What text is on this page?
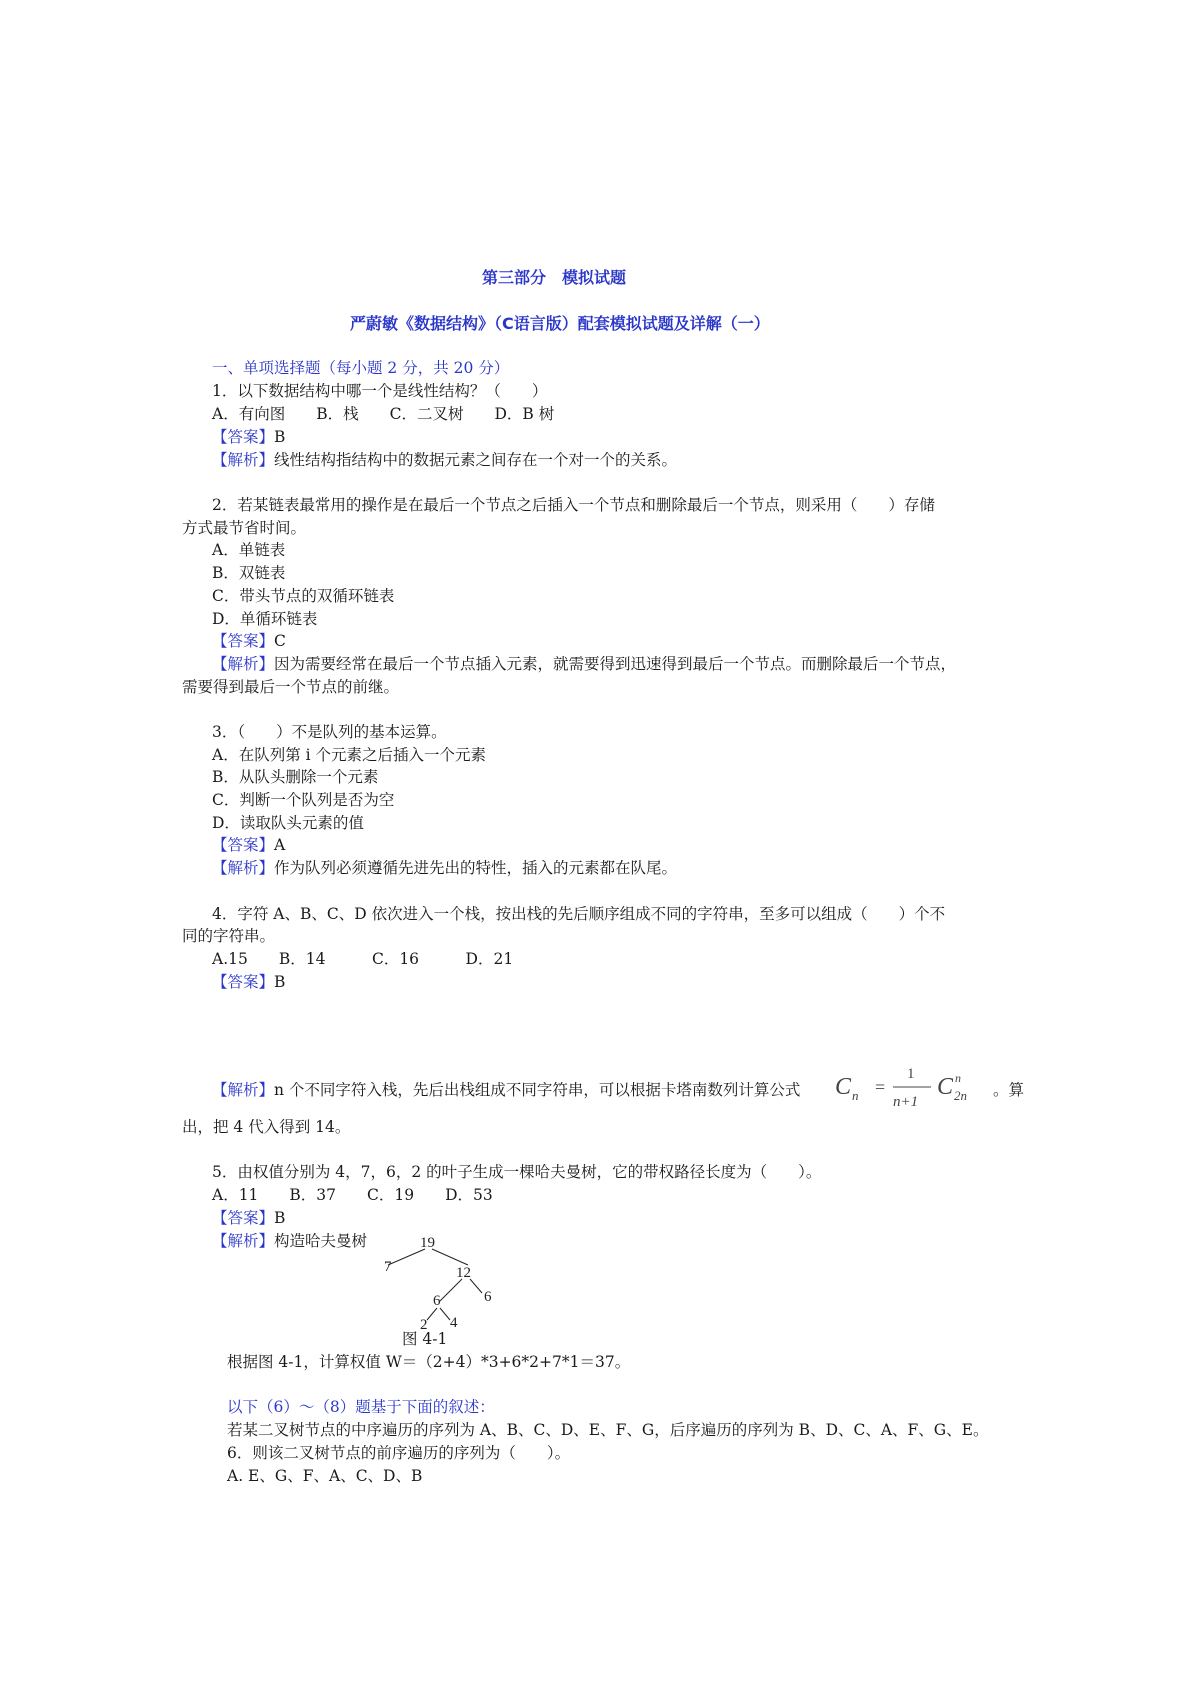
第三部分　模拟试题
严蔚敏《数据结构》（C语言版）配套模拟试题及详解（一）
一、单项选择题（每小题 2 分，共 20 分）
1．以下数据结构中哪一个是线性结构？（　　）
A．有向图　　B．栈　　C．二叉树　　D．B 树
【答案】B
【解析】线性结构指结构中的数据元素之间存在一个对一个的关系。
2．若某链表最常用的操作是在最后一个节点之后插入一个节点和删除最后一个节点，则采用（　　）存储
方式最节省时间。
A．单链表
B．双链表
C．带头节点的双循环链表
D．单循环链表
【答案】C
【解析】因为需要经常在最后一个节点插入元素，就需要得到迅速得到最后一个节点。而删除最后一个节点，
需要得到最后一个节点的前继。
3．（　　）不是队列的基本运算。
A．在队列第 i 个元素之后插入一个元素
B．从队头删除一个元素
C．判断一个队列是否为空
D．读取队头元素的值
【答案】A
【解析】作为队列必须遵循先进先出的特性，插入的元素都在队尾。
4．字符 A、B、C、D 依次进入一个栈，按出栈的先后顺序组成不同的字符串，至多可以组成（　　）个不
同的字符串。
A.15　　B．14　　　C．16　　　D．21
【答案】B
【解析】n 个不同字符入栈，先后出栈组成不同字符串，可以根据卡塔南数列计算公式 C n =
1
n+1
C n
2n 。算
出，把 4 代入得到 14。
5．由权值分别为 4，7，6，2 的叶子生成一棵哈夫曼树，它的带权路径长度为（　　）。
A．11　　B．37　　C．19　　D．53
【答案】B
【解析】构造哈夫曼树	19
7	12
6
6
2 4
图 4-1
根据图 4-1，计算权值 W＝（2+4）*3+6*2+7*1＝37。
以下（6）～（8）题基于下面的叙述：
若某二叉树节点的中序遍历的序列为 A、B、C、D、E、F、G，后序遍历的序列为 B、D、C、A、F、G、E。
6．则该二叉树节点的前序遍历的序列为（　　）。
A. E、G、F、A、C、D、B
